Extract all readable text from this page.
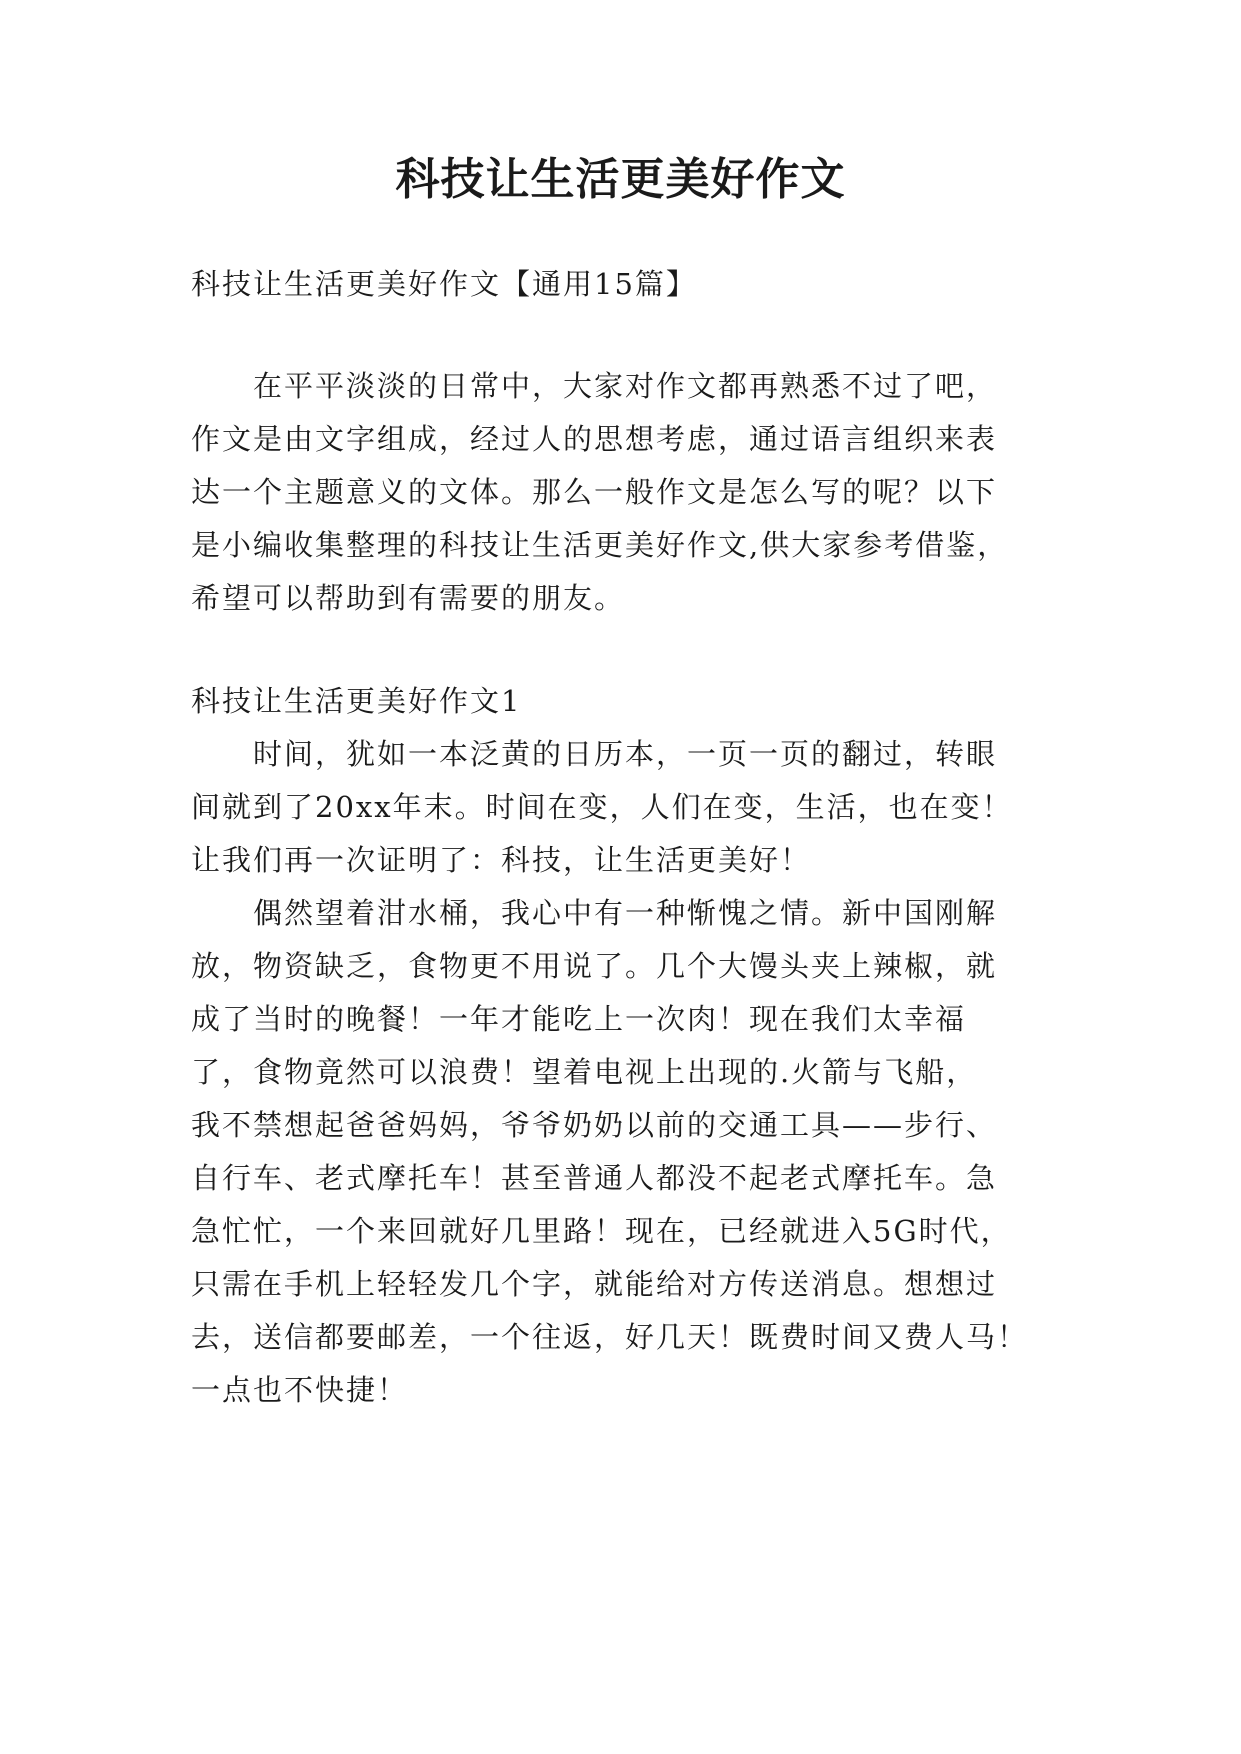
科技让生活更美好作文
科技让生活更美好作文【通用15篇】
　　在平平淡淡的日常中，大家对作文都再熟悉不过了吧，
作文是由文字组成，经过人的思想考虑，通过语言组织来表
达一个主题意义的文体。那么一般作文是怎么写的呢？以下
是小编收集整理的科技让生活更美好作文,供大家参考借鉴，
希望可以帮助到有需要的朋友。
科技让生活更美好作文1
　　时间，犹如一本泛黄的日历本，一页一页的翻过，转眼
间就到了20xx年末。时间在变，人们在变，生活，也在变！
让我们再一次证明了：科技，让生活更美好！
　　偶然望着泔水桶，我心中有一种惭愧之情。新中国刚解
放，物资缺乏，食物更不用说了。几个大馒头夹上辣椒，就
成了当时的晚餐！一年才能吃上一次肉！现在我们太幸福
了，食物竟然可以浪费！望着电视上出现的.火箭与飞船，
我不禁想起爸爸妈妈，爷爷奶奶以前的交通工具——步行、
自行车、老式摩托车！甚至普通人都没不起老式摩托车。急
急忙忙，一个来回就好几里路！现在，已经就进入5G时代，
只需在手机上轻轻发几个字，就能给对方传送消息。想想过
去，送信都要邮差，一个往返，好几天！既费时间又费人马！
一点也不快捷！
